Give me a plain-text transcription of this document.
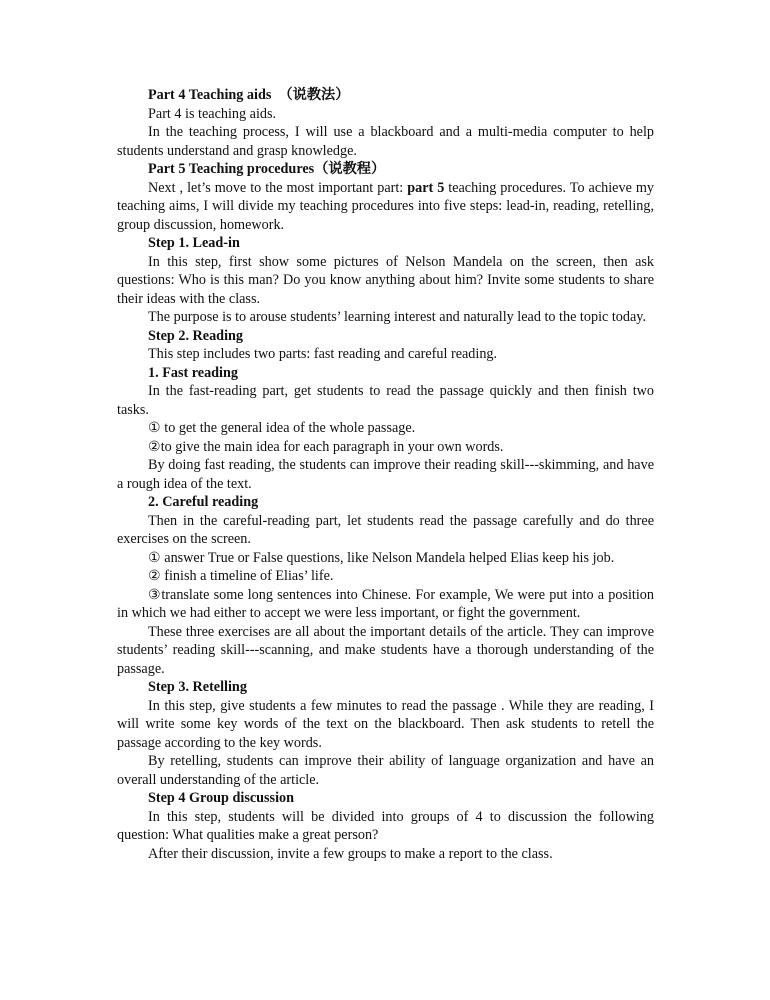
Part 4 Teaching aids （说教法）

Part 4 is teaching aids.

In the teaching process, I will use a blackboard and a multi-media computer to help students understand and grasp knowledge.

Part 5 Teaching procedures（说教程）

Next , let’s move to the most important part: part 5 teaching procedures. To achieve my teaching aims, I will divide my teaching procedures into five steps: lead-in, reading, retelling, group discussion, homework.

Step 1. Lead-in

In this step, first show some pictures of Nelson Mandela on the screen, then ask questions: Who is this man? Do you know anything about him? Invite some students to share their ideas with the class.

The purpose is to arouse students’ learning interest and naturally lead to the topic today.

Step 2. Reading

This step includes two parts: fast reading and careful reading.

1. Fast reading

In the fast-reading part, get students to read the passage quickly and then finish two tasks.

① to get the general idea of the whole passage.

②to give the main idea for each paragraph in your own words.

By doing fast reading, the students can improve their reading skill---skimming, and have a rough idea of the text.

2. Careful reading

Then in the careful-reading part, let students read the passage carefully and do three exercises on the screen.

① answer True or False questions, like Nelson Mandela helped Elias keep his job.

② finish a timeline of Elias’ life.

③translate some long sentences into Chinese. For example, We were put into a position in which we had either to accept we were less important, or fight the government.

These three exercises are all about the important details of the article. They can improve students’ reading skill---scanning, and make students have a thorough understanding of the passage.

Step 3. Retelling

In this step, give students a few minutes to read the passage . While they are reading, I will write some key words of the text on the blackboard. Then ask students to retell the passage according to the key words.

By retelling, students can improve their ability of language organization and have an overall understanding of the article.

Step 4 Group discussion

In this step, students will be divided into groups of 4 to discussion the following question: What qualities make a great person?

After their discussion, invite a few groups to make a report to the class.
